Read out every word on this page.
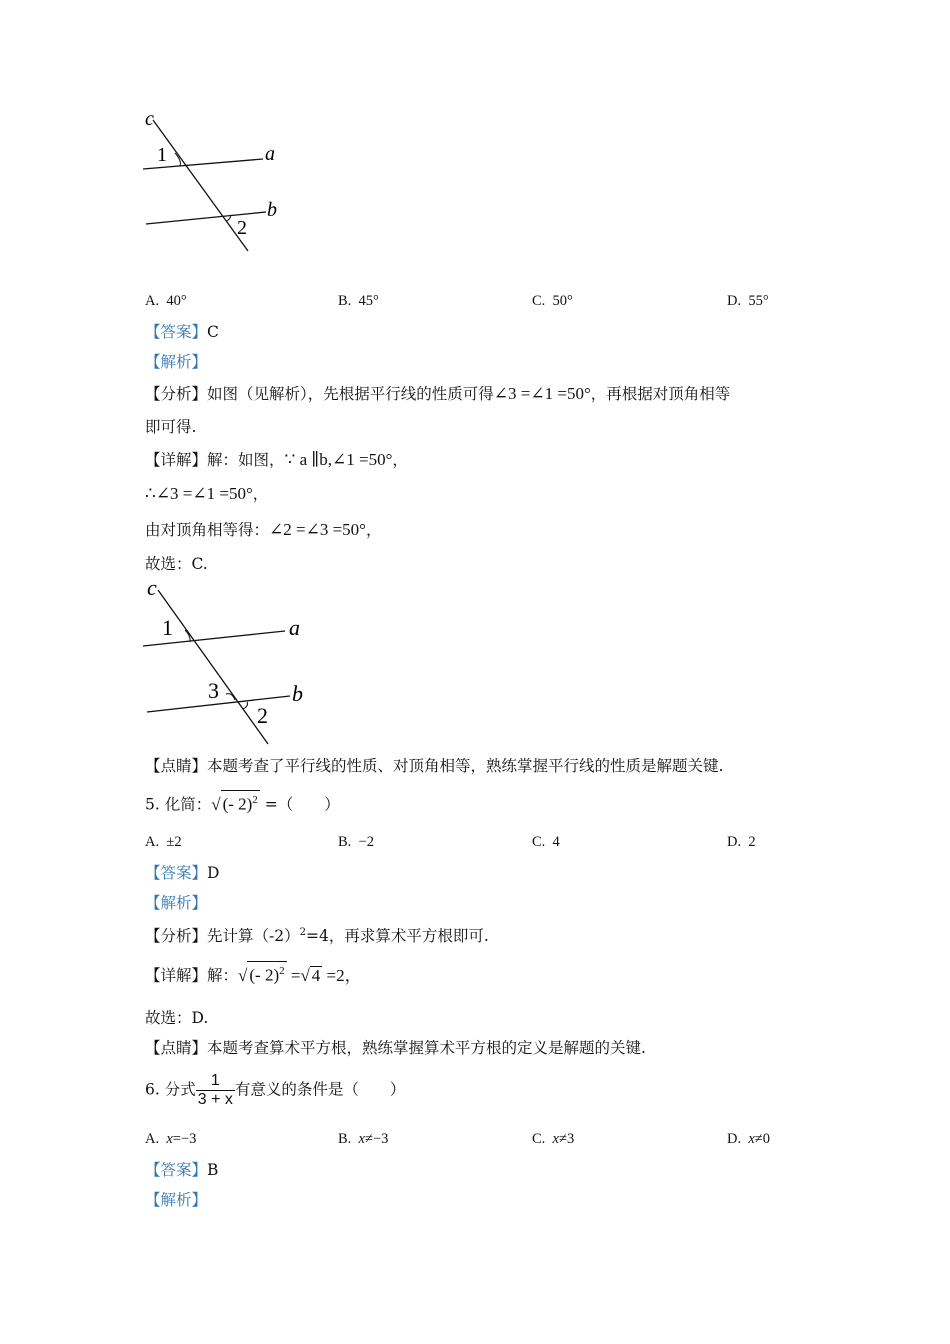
c
1	a
b
2
A. 40°	B. 45°	C. 50°	D. 55°
【答案】C
【解析】
【分析】如图（见解析），先根据平行线的性质可得∠3 =∠1 =50°，再根据对顶角相等
即可得.
【详解】解：如图，∵ a ∥b,∠1 =50°，
∴∠3 =∠1 =50°，
由对顶角相等得：∠2 =∠3 =50°，
故选：C.
c
1	a
3	b
2
【点睛】本题考查了平行线的性质、对顶角相等，熟练掌握平行线的性质是解题关键.
5. 化简：√ (- 2)$^2$ =（　　）
A. ±2	B. −2	C. 4	D. 2
【答案】D
【解析】
【分析】先计算$(-2)^2=4$，再求算术平方根即可.
【详解】解：√ (- 2)$^2$ =√ 4 =2，
故选：D.
【点睛】本题考查算术平方根，熟练掌握算术平方根的定义是解题的关键.
6. 分式 $\frac{1}{3 + x}$ 有意义的条件是（　　）
A. x=−3	B. x≠−3	C. x≠3	D. x≠0
【答案】B
【解析】
